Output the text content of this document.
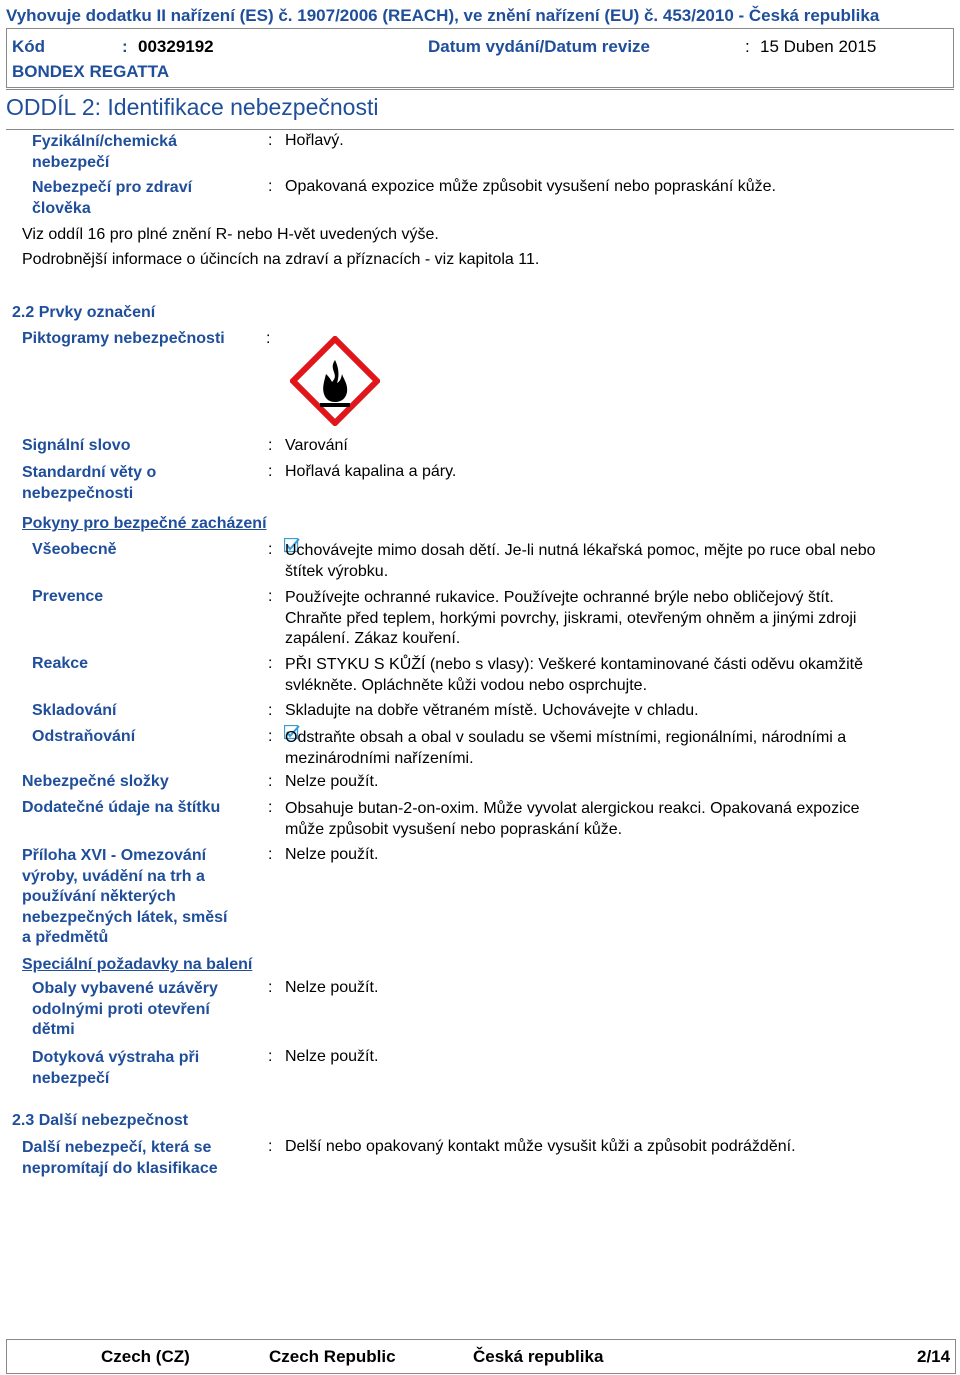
Vyhovuje dodatku II nařízení (ES) č. 1907/2006 (REACH), ve znění nařízení (EU) č. 453/2010 - Česká republika
Kód	: 00329192	Datum vydání/Datum revize	: 15 Duben 2015
BONDEX REGATTA
ODDÍL 2: Identifikace nebezpečnosti
Fyzikální/chemická
nebezpečí
: Hořlavý.
Nebezpečí pro zdraví
člověka
: Opakovaná expozice může způsobit vysušení nebo popraskání kůže.
Viz oddíl 16 pro plné znění R- nebo H-vět uvedených výše.
Podrobnější informace o účincích na zdraví a příznacích - viz kapitola 11.
2.2 Prvky označení
Piktogramy nebezpečnosti	:
Signální slovo	: Varování
Standardní věty o
nebezpečnosti
: Hořlavá kapalina a páry.
Pokyny pro bezpečné zacházení
Všeobecně	: Uchovávejte mimo dosah dětí. Je-li nutná lékařská pomoc, mějte po ruce obal nebo
štítek výrobku.
Prevence	: Používejte ochranné rukavice. Používejte ochranné brýle nebo obličejový štít.
Chraňte před teplem, horkými povrchy, jiskrami, otevřeným ohněm a jinými zdroji
zapálení. Zákaz kouření.
Reakce	: PŘI STYKU S KŮŽÍ (nebo s vlasy): Veškeré kontaminované části oděvu okamžitě
svlékněte. Opláchněte kůži vodou nebo osprchujte.
Skladování	: Skladujte na dobře větraném místě. Uchovávejte v chladu.
Odstraňování	: Odstraňte obsah a obal v souladu se všemi místními, regionálními, národními a
mezinárodními nařízeními.
Nebezpečné složky	: Nelze použít.
Dodatečné údaje na štítku	: Obsahuje butan-2-on-oxim. Může vyvolat alergickou reakci. Opakovaná expozice
může způsobit vysušení nebo popraskání kůže.
Příloha XVI - Omezování
výroby, uvádění na trh a
používání některých
nebezpečných látek, směsí
a předmětů
: Nelze použít.
Speciální požadavky na balení
Obaly vybavené uzávěry
odolnými proti otevření
dětmi
: Nelze použít.
Dotyková výstraha při
nebezpečí
: Nelze použít.
2.3 Další nebezpečnost
Další nebezpečí, která se
nepromítají do klasifikace
: Delší nebo opakovaný kontakt může vysušit kůži a způsobit podráždění.
Czech (CZ)	Czech Republic	Česká republika	2/14
